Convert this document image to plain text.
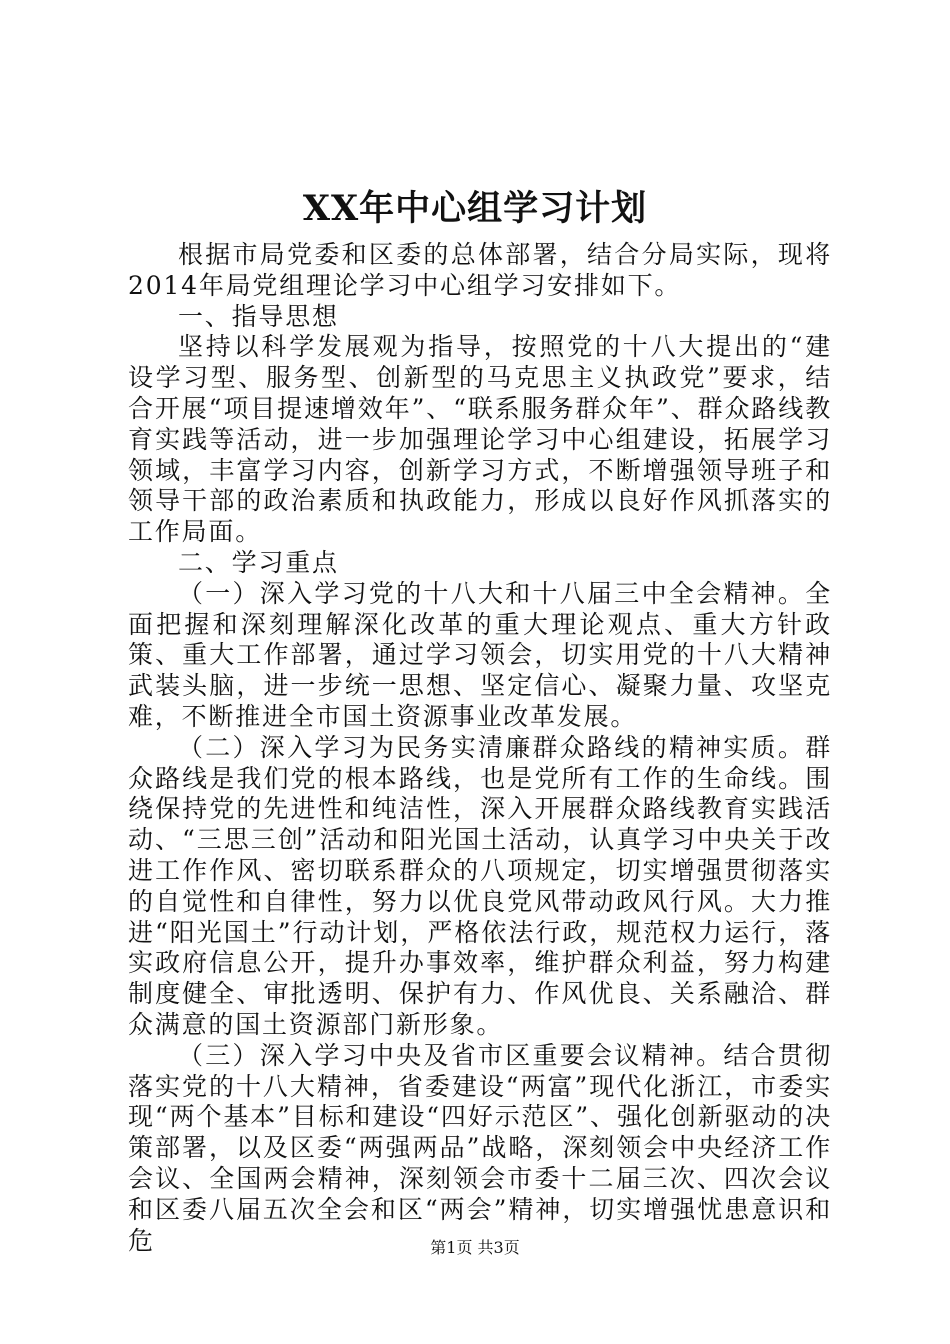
XX年中心组学习计划

根据市局党委和区委的总体部署，结合分局实际，现将2014年局党组理论学习中心组学习安排如下。

一、指导思想

坚持以科学发展观为指导，按照党的十八大提出的“建设学习型、服务型、创新型的马克思主义执政党”要求，结合开展“项目提速增效年”、“联系服务群众年”、群众路线教育实践等活动，进一步加强理论学习中心组建设，拓展学习领域，丰富学习内容，创新学习方式，不断增强领导班子和领导干部的政治素质和执政能力，形成以良好作风抓落实的工作局面。

二、学习重点

（一）深入学习党的十八大和十八届三中全会精神。全面把握和深刻理解深化改革的重大理论观点、重大方针政策、重大工作部署，通过学习领会，切实用党的十八大精神武装头脑，进一步统一思想、坚定信心、凝聚力量、攻坚克难，不断推进全市国土资源事业改革发展。

（二）深入学习为民务实清廉群众路线的精神实质。群众路线是我们党的根本路线，也是党所有工作的生命线。围绕保持党的先进性和纯洁性，深入开展群众路线教育实践活动、“三思三创”活动和阳光国土活动，认真学习中央关于改进工作作风、密切联系群众的八项规定，切实增强贯彻落实的自觉性和自律性，努力以优良党风带动政风行风。大力推进“阳光国土”行动计划，严格依法行政，规范权力运行，落实政府信息公开，提升办事效率，维护群众利益，努力构建制度健全、审批透明、保护有力、作风优良、关系融洽、群众满意的国土资源部门新形象。

（三）深入学习中央及省市区重要会议精神。结合贯彻落实党的十八大精神，省委建设“两富”现代化浙江，市委实现“两个基本”目标和建设“四好示范区”、强化创新驱动的决策部署，以及区委“两强两品”战略，深刻领会中央经济工作会议、全国两会精神，深刻领会市委十二届三次、四次会议和区委八届五次全会和区“两会”精神，切实增强忧患意识和危	第1页 共3页
